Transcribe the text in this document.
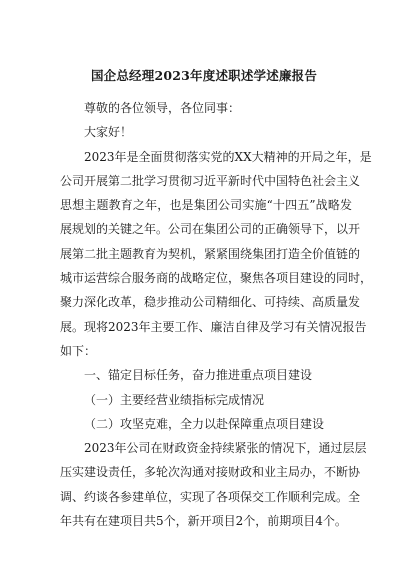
国企总经理2023年度述职述学述廉报告
尊敬的各位领导，各位同事：
大家好！
2023年是全面贯彻落实党的XX大精神的开局之年，是
公司开展第二批学习贯彻习近平新时代中国特色社会主义
思想主题教育之年，也是集团公司实施“十四五”战略发
展规划的关键之年。公司在集团公司的正确领导下，以开
展第二批主题教育为契机，紧紧围绕集团打造全价值链的
城市运营综合服务商的战略定位，聚焦各项目建设的同时，
聚力深化改革，稳步推动公司精细化、可持续、高质量发
展。现将2023年主要工作、廉洁自律及学习有关情况报告
如下：
一、锚定目标任务，奋力推进重点项目建设
（一）主要经营业绩指标完成情况
（二）攻坚克难，全力以赴保障重点项目建设
2023年公司在财政资金持续紧张的情况下，通过层层
压实建设责任，多轮次沟通对接财政和业主局办，不断协
调、约谈各参建单位，实现了各项保交工作顺利完成。全
年共有在建项目共5个，新开项目2个，前期项目4个。
